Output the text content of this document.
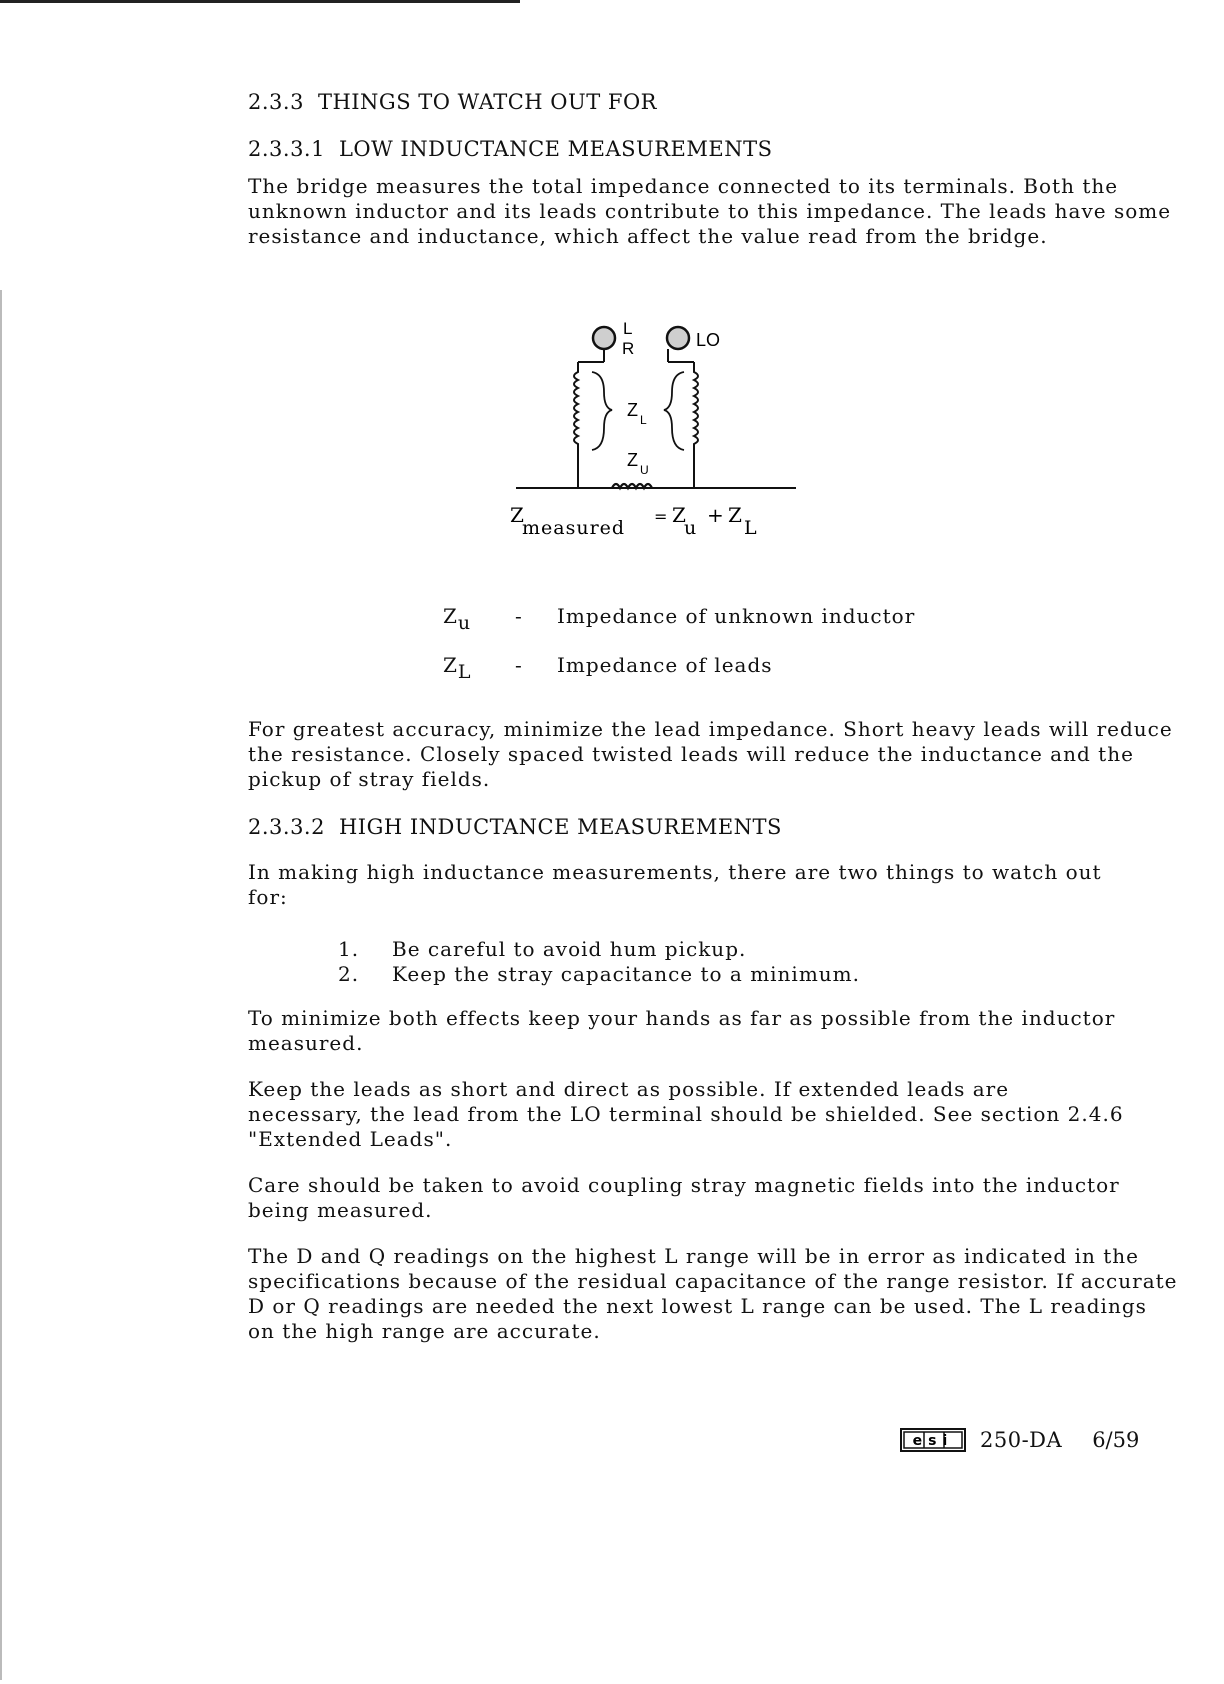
2.3.3 THINGS TO WATCH OUT FOR
2.3.3.1 LOW INDUCTANCE MEASUREMENTS

The bridge measures the total impedance connected to its terminals. Both the unknown inductor and its leads contribute to this impedance. The leads have some resistance and inductance, which affect the value read from the bridge.

L
R	LO
Z L
Z U
Z
measured
= Z
u
+ Z
L
$Z_u$ - Impedance of unknown inductor
$Z_L$ - Impedance of leads

For greatest accuracy, minimize the lead impedance. Short heavy leads will reduce the resistance. Closely spaced twisted leads will reduce the inductance and the pickup of stray fields.

2.3.3.2 HIGH INDUCTANCE MEASUREMENTS

In making high inductance measurements, there are two things to watch out for:

1. Be careful to avoid hum pickup.
2. Keep the stray capacitance to a minimum.

To minimize both effects keep your hands as far as possible from the inductor measured.

Keep the leads as short and direct as possible. If extended leads are necessary, the lead from the LO terminal should be shielded. See section 2.4.6 "Extended Leads".

Care should be taken to avoid coupling stray magnetic fields into the inductor being measured.

The D and Q readings on the highest L range will be in error as indicated in the specifications because of the residual capacitance of the range resistor. If accurate D or Q readings are needed the next lowest L range can be used. The L readings on the high range are accurate.

esi 250-DA 6/59
